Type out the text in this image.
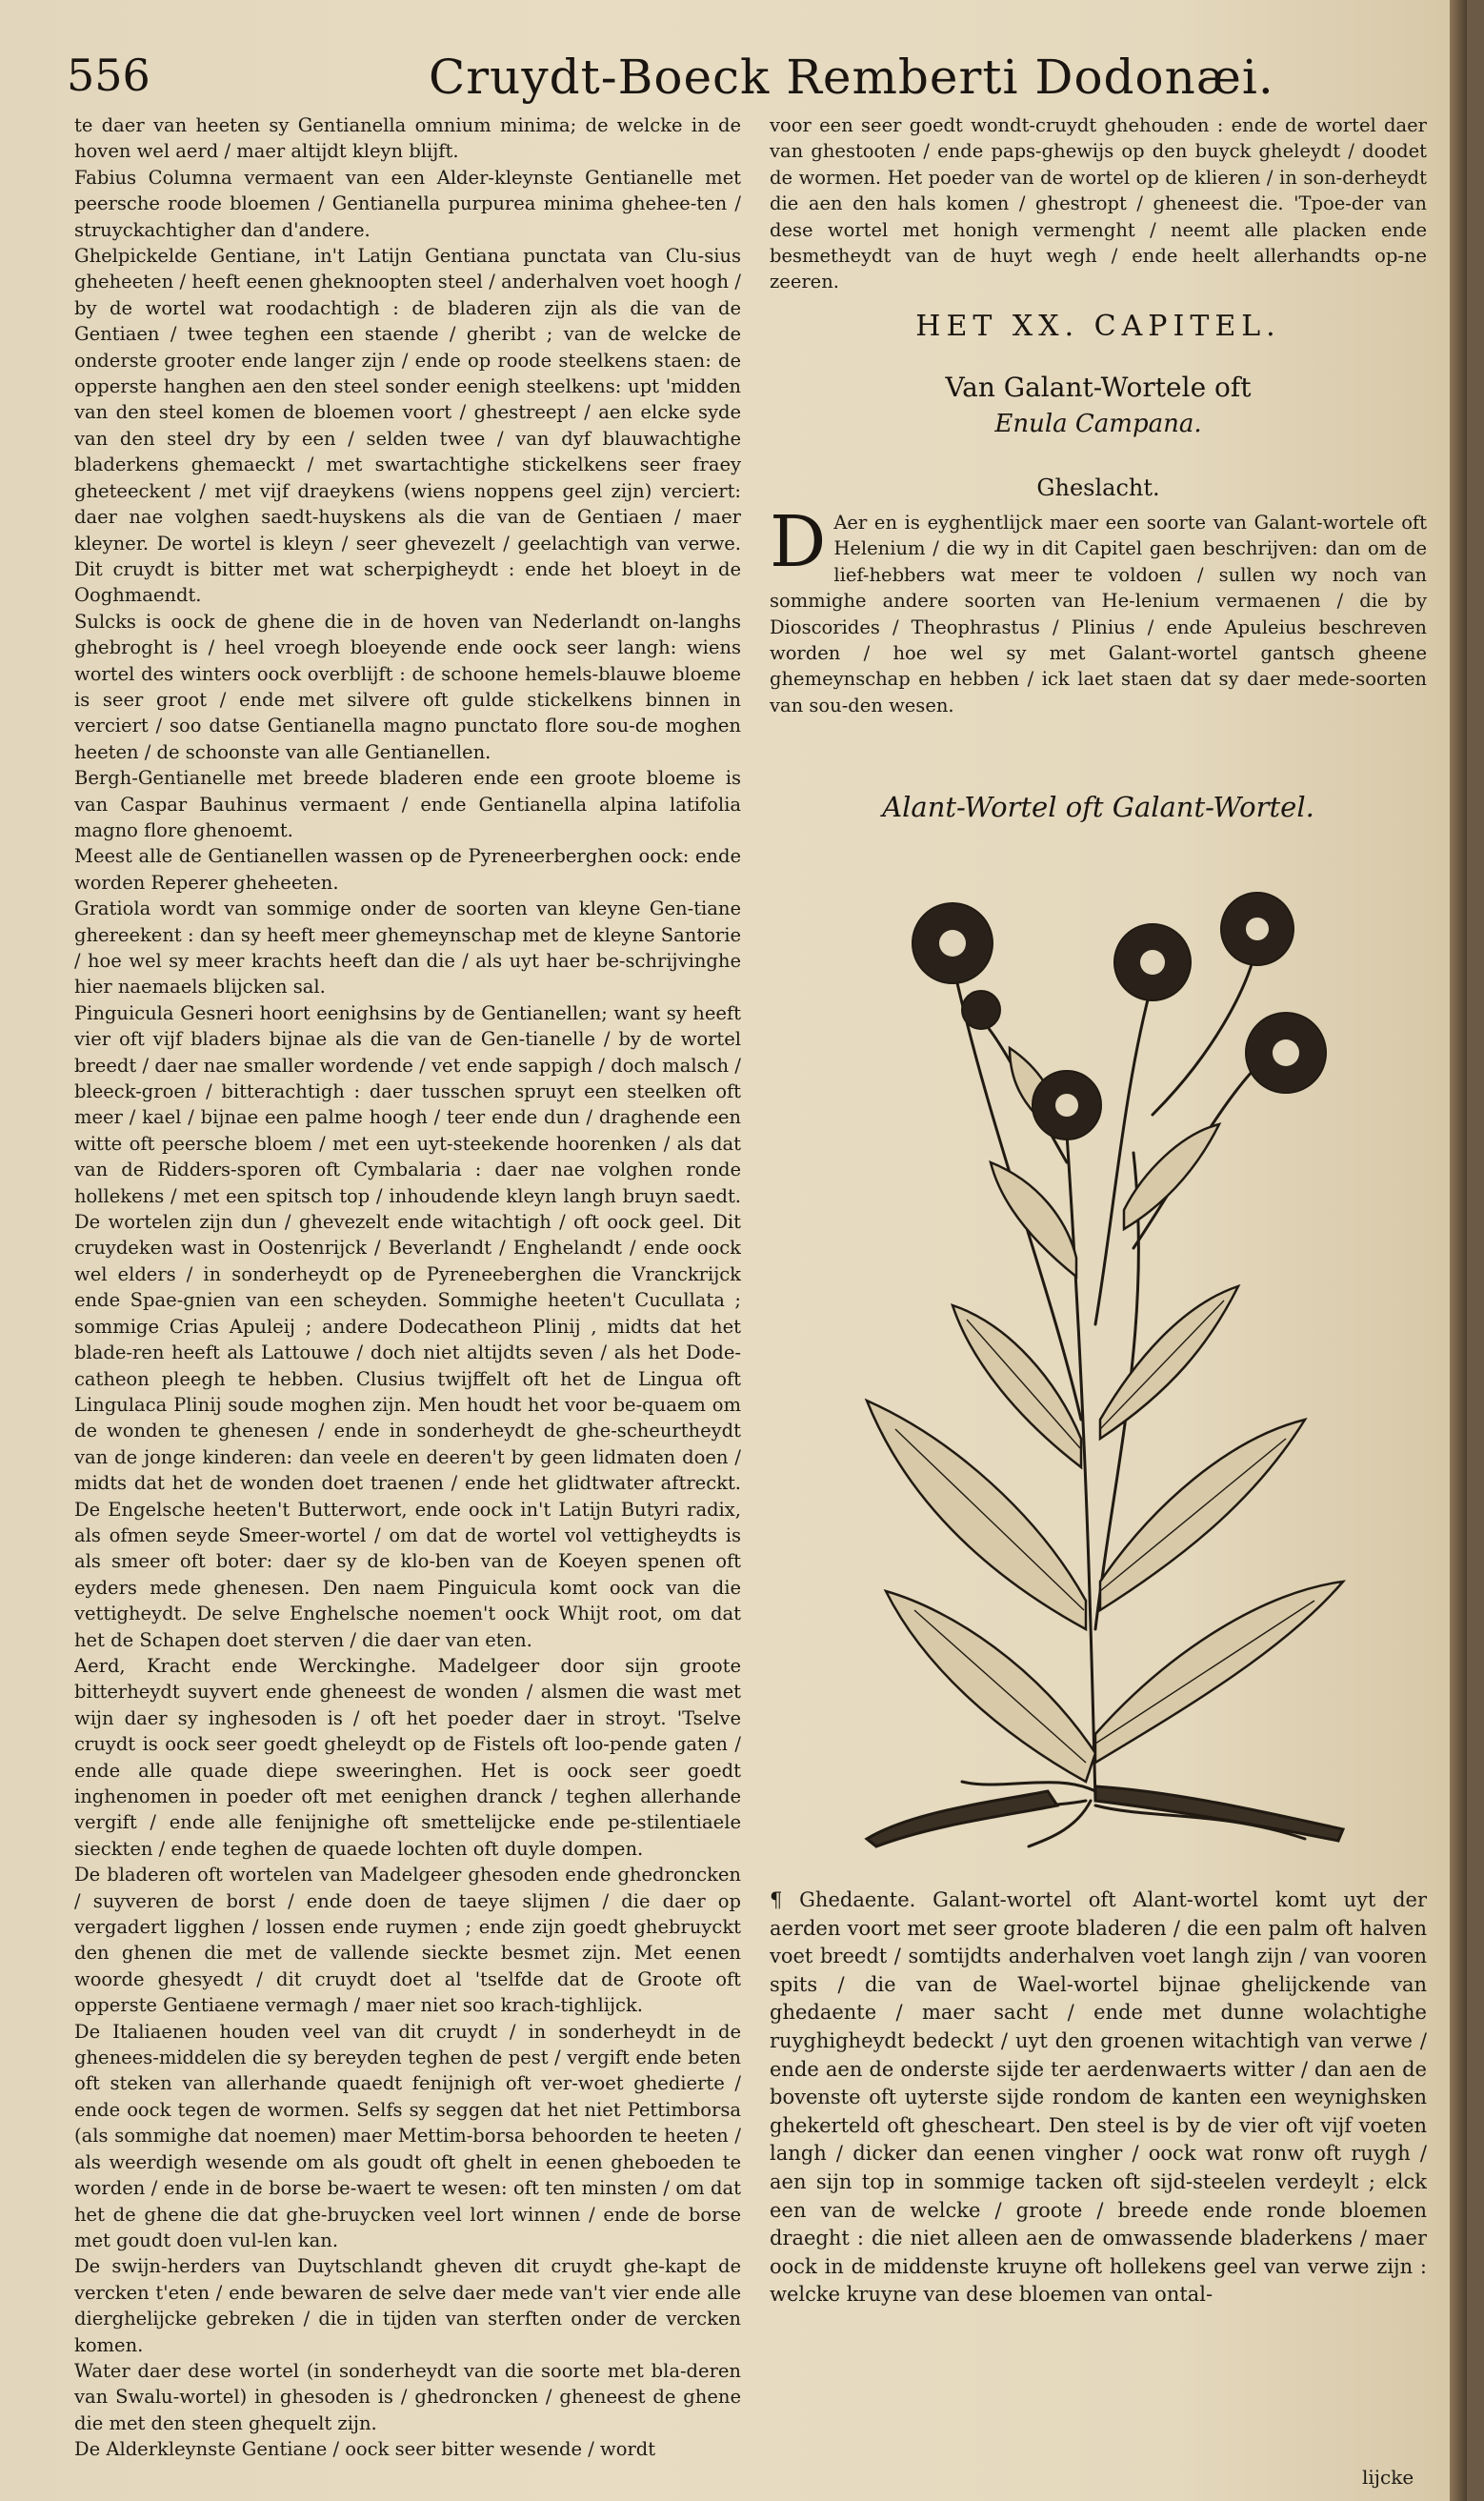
556	Cruydt-Boeck Remberti Dodonæi.

te daer van heeten sy Gentianella omnium minima; de welcke in de hoven wel aerd / maer altijdt kleyn blijft.

Fabius Columna vermaent van een Alder-kleynste Gentianelle met peersche roode bloemen / Gentianella purpurea minima ghehee-ten / struyckachtigher dan d'andere.

Ghelpickelde Gentiane, in't Latijn Gentiana punctata van Clu-sius gheheeten / heeft eenen gheknoopten steel / anderhalven voet hoogh / by de wortel wat roodachtigh : de bladeren zijn als die van de Gentiaen / twee teghen een staende / gheribt ; van de welcke de onderste grooter ende langer zijn / ende op roode steelkens staen: de opperste hanghen aen den steel sonder eenigh steelkens: upt 'midden van den steel komen de bloemen voort / ghestreept / aen elcke syde van den steel dry by een / selden twee / van dyf blauwachtighe bladerkens ghemaeckt / met swartachtighe stickelkens seer fraey gheteeckent / met vijf draeykens (wiens noppens geel zijn) verciert: daer nae volghen saedt-huyskens als die van de Gentiaen / maer kleyner. De wortel is kleyn / seer ghevezelt / geelachtigh van verwe. Dit cruydt is bitter met wat scherpigheydt : ende het bloeyt in de Ooghmaendt.

Sulcks is oock de ghene die in de hoven van Nederlandt on-langhs ghebroght is / heel vroegh bloeyende ende oock seer langh: wiens wortel des winters oock overblijft : de schoone hemels-blauwe bloeme is seer groot / ende met silvere oft gulde stickelkens binnen in verciert / soo datse Gentianella magno punctato flore sou-de moghen heeten / de schoonste van alle Gentianellen.

Bergh-Gentianelle met breede bladeren ende een groote bloeme is van Caspar Bauhinus vermaent / ende Gentianella alpina latifolia magno flore ghenoemt.

Meest alle de Gentianellen wassen op de Pyreneerberghen oock: ende worden Reperer gheheeten.

Gratiola wordt van sommige onder de soorten van kleyne Gen-tiane ghereekent : dan sy heeft meer ghemeynschap met de kleyne Santorie / hoe wel sy meer krachts heeft dan die / als uyt haer be-schrijvinghe hier naemaels blijcken sal.

Pinguicula Gesneri hoort eenighsins by de Gentianellen; want sy heeft vier oft vijf bladers bijnae als die van de Gen-tianelle / by de wortel breedt / daer nae smaller wordende / vet ende sappigh / doch malsch / bleeck-groen / bitterachtigh : daer tusschen spruyt een steelken oft meer / kael / bijnae een palme hoogh / teer ende dun / draghende een witte oft peersche bloem / met een uyt-steekende hoorenken / als dat van de Ridders-sporen oft Cymbalaria : daer nae volghen ronde hollekens / met een spitsch top / inhoudende kleyn langh bruyn saedt. De wortelen zijn dun / ghevezelt ende witachtigh / oft oock geel. Dit cruydeken wast in Oostenrijck / Beverlandt / Enghelandt / ende oock wel elders / in sonderheydt op de Pyreneeberghen die Vranckrijck ende Spae-gnien van een scheyden. Sommighe heeten't Cucullata ; sommige Crias Apuleij ; andere Dodecatheon Plinij , midts dat het blade-ren heeft als Lattouwe / doch niet altijdts seven / als het Dode-catheon pleegh te hebben. Clusius twijffelt oft het de Lingua oft Lingulaca Plinij soude moghen zijn. Men houdt het voor be-quaem om de wonden te ghenesen / ende in sonderheydt de ghe-scheurtheydt van de jonge kinderen: dan veele en deeren't by geen lidmaten doen / midts dat het de wonden doet traenen / ende het glidtwater aftreckt. De Engelsche heeten't Butterwort, ende oock in't Latijn Butyri radix, als ofmen seyde Smeer-wortel / om dat de wortel vol vettigheydts is als smeer oft boter: daer sy de klo-ben van de Koeyen spenen oft eyders mede ghenesen. Den naem Pinguicula komt oock van die vettigheydt. De selve Enghelsche noemen't oock Whijt root, om dat het de Schapen doet sterven / die daer van eten.

Aerd, Kracht ende Werckinghe. Madelgeer door sijn groote bitterheydt suyvert ende gheneest de wonden / alsmen die wast met wijn daer sy inghesoden is / oft het poeder daer in stroyt. 'Tselve cruydt is oock seer goedt gheleydt op de Fistels oft loo-pende gaten / ende alle quade diepe sweeringhen. Het is oock seer goedt inghenomen in poeder oft met eenighen dranck / teghen allerhande vergift / ende alle fenijnighe oft smettelijcke ende pe-stilentiaele sieckten / ende teghen de quaede lochten oft duyle dompen.

De bladeren oft wortelen van Madelgeer ghesoden ende ghedroncken / suyveren de borst / ende doen de taeye slijmen / die daer op vergadert ligghen / lossen ende ruymen ; ende zijn goedt ghebruyckt den ghenen die met de vallende sieckte besmet zijn. Met eenen woorde ghesyedt / dit cruydt doet al 'tselfde dat de Groote oft opperste Gentiaene vermagh / maer niet soo krach-tighlijck.

De Italiaenen houden veel van dit cruydt / in sonderheydt in de ghenees-middelen die sy bereyden teghen de pest / vergift ende beten oft steken van allerhande quaedt fenijnigh oft ver-woet ghedierte / ende oock tegen de wormen. Selfs sy seggen dat het niet Pettimborsa (als sommighe dat noemen) maer Mettim-borsa behoorden te heeten / als weerdigh wesende om als goudt oft ghelt in eenen gheboeden te worden / ende in de borse be-waert te wesen: oft ten minsten / om dat het de ghene die dat ghe-bruycken veel lort winnen / ende de borse met goudt doen vul-len kan.

De swijn-herders van Duytschlandt gheven dit cruydt ghe-kapt de vercken t'eten / ende bewaren de selve daer mede van't vier ende alle dierghelijcke gebreken / die in tijden van sterften onder de vercken komen.

Water daer dese wortel (in sonderheydt van die soorte met bla-deren van Swalu-wortel) in ghesoden is / ghedroncken / gheneest de ghene die met den steen ghequelt zijn.

De Alderkleynste Gentiane / oock seer bitter wesende / wordt

voor een seer goedt wondt-cruydt ghehouden : ende de wortel daer van ghestooten / ende paps-ghewijs op den buyck gheleydt / doodet de wormen. Het poeder van de wortel op de klieren / in son-derheydt die aen den hals komen / ghestropt / gheneest die. 'Tpoe-der van dese wortel met honigh vermenght / neemt alle placken ende besmetheydt van de huyt wegh / ende heelt allerhandts op-ne zeeren.
HET XX. CAPITEL.
Van Galant-Wortele oft
Enula Campana.
Gheslacht.
D Aer en is eyghentlijck maer een soorte van Galant-wortele oft Helenium / die wy in dit Capitel gaen beschrijven: dan om de lief-hebbers wat meer te voldoen / sullen wy noch van sommighe andere soorten van He-lenium vermaenen / die by Dioscorides / Theophrastus / Plinius / ende Apuleius beschreven worden / hoe wel sy met Galant-wortel gantsch gheene ghemeynschap en hebben / ick laet staen dat sy daer mede-soorten van sou-den wesen.
Alant-Wortel oft Galant-Wortel.
¶ Ghedaente. Galant-wortel oft Alant-wortel komt uyt der aerden voort met seer groote bladeren / die een palm oft halven voet breedt / somtijdts anderhalven voet langh zijn / van vooren spits / die van de Wael-wortel bijnae ghelijckende van ghedaente / maer sacht / ende met dunne wolachtighe ruyghigheydt bedeckt / uyt den groenen witachtigh van verwe / ende aen de onderste sijde ter aerdenwaerts witter / dan aen de bovenste oft uyterste sijde rondom de kanten een weynighsken ghekerteld oft ghescheart. Den steel is by de vier oft vijf voeten langh / dicker dan eenen vingher / oock wat ronw oft ruygh / aen sijn top in sommige tacken oft sijd-steelen verdeylt ; elck een van de welcke / groote / breede ende ronde bloemen draeght : die niet alleen aen de omwassende bladerkens / maer oock in de middenste kruyne oft hollekens geel van verwe zijn : welcke kruyne van dese bloemen van ontal-
lijcke
